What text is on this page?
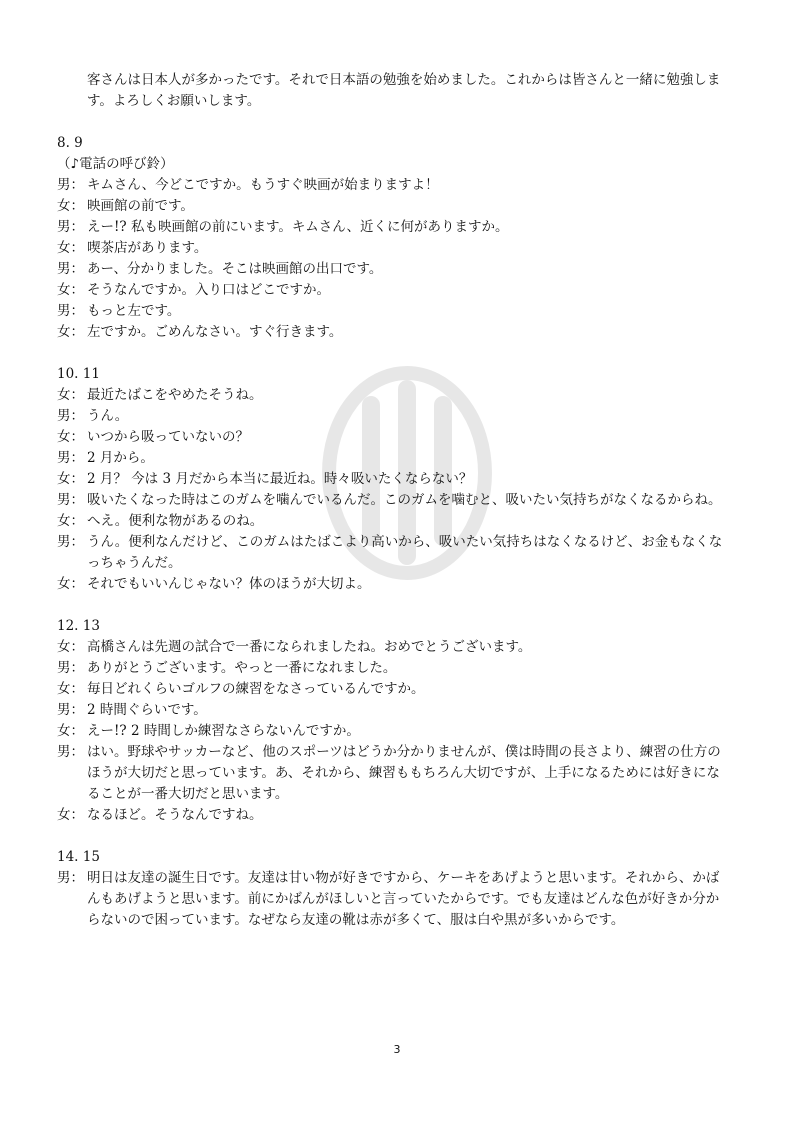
客さんは日本人が多かったです。それで日本語の勉強を始めました。これからは皆さんと一緒に勉強しま
す。よろしくお願いします。
8. 9
（♪電話の呼び鈴）
男： キムさん、今どこですか。もうすぐ映画が始まりますよ！
女： 映画館の前です。
男： えー!? 私も映画館の前にいます。キムさん、近くに何がありますか。
女： 喫茶店があります。
男： あー、分かりました。そこは映画館の出口です。
女： そうなんですか。入り口はどこですか。
男： もっと左です。
女： 左ですか。ごめんなさい。すぐ行きます。
10. 11
女： 最近たばこをやめたそうね。
男： うん。
女： いつから吸っていないの？
男： 2 月から。
女： 2 月？ 今は 3 月だから本当に最近ね。時々吸いたくならない？
男： 吸いたくなった時はこのガムを噛んでいるんだ。このガムを噛むと、吸いたい気持ちがなくなるからね。
女： へえ。便利な物があるのね。
男： うん。便利なんだけど、このガムはたばこより高いから、吸いたい気持ちはなくなるけど、お金もなくな
っちゃうんだ。
女： それでもいいんじゃない？体のほうが大切よ。
12. 13
女： 高橋さんは先週の試合で一番になられましたね。おめでとうございます。
男： ありがとうございます。やっと一番になれました。
女： 毎日どれくらいゴルフの練習をなさっているんですか。
男： 2 時間ぐらいです。
女： えー!? 2 時間しか練習なさらないんですか。
男： はい。野球やサッカーなど、他のスポーツはどうか分かりませんが、僕は時間の長さより、練習の仕方の
ほうが大切だと思っています。あ、それから、練習ももちろん大切ですが、上手になるためには好きにな
ることが一番大切だと思います。
女： なるほど。そうなんですね。
14. 15
男： 明日は友達の誕生日です。友達は甘い物が好きですから、ケーキをあげようと思います。それから、かば
んもあげようと思います。前にかばんがほしいと言っていたからです。でも友達はどんな色が好きか分か
らないので困っています。なぜなら友達の靴は赤が多くて、服は白や黒が多いからです。
3
